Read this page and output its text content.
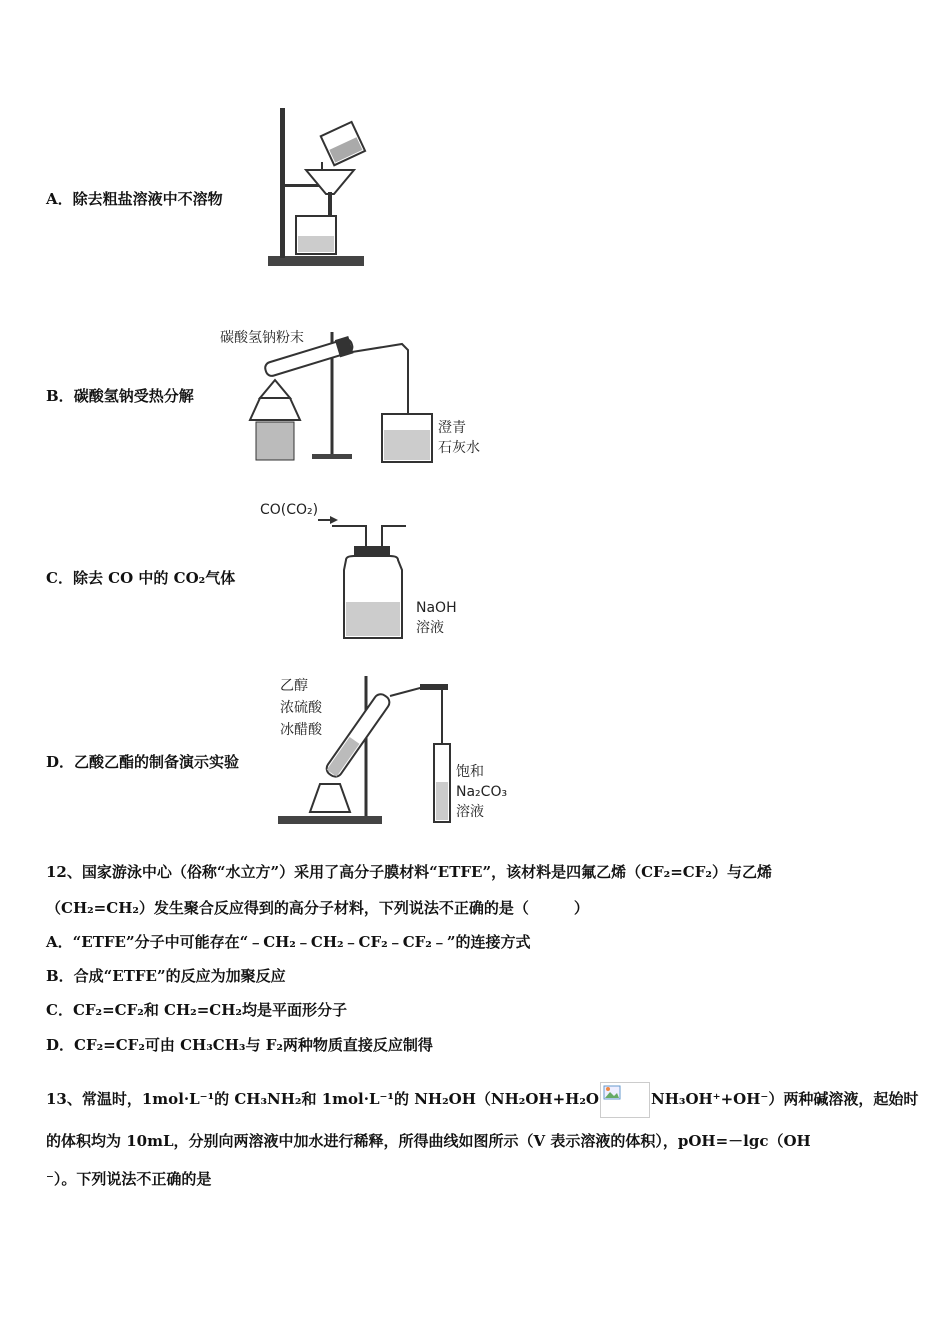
A．除去粗盐溶液中不溶物
B．碳酸氢钠受热分解
碳酸氢钠粉末
澄青
石灰水
C．除去 CO 中的 CO₂气体
CO(CO₂)
NaOH
溶液
D．乙酸乙酯的制备演示实验
乙醇
浓硫酸
冰醋酸
饱和
Na₂CO₃
溶液
12、国家游泳中心（俗称“水立方”）采用了高分子膜材料“ETFE”，该材料是四氟乙烯（CF₂=CF₂）与乙烯
（CH₂=CH₂）发生聚合反应得到的高分子材料，下列说法不正确的是（　　　）
A．“ETFE”分子中可能存在“﹣CH₂﹣CH₂﹣CF₂﹣CF₂﹣”的连接方式
B．合成“ETFE”的反应为加聚反应
C．CF₂=CF₂和 CH₂=CH₂均是平面形分子
D．CF₂=CF₂可由 CH₃CH₃与 F₂两种物质直接反应制得
13、常温时，1mol·L⁻¹的 CH₃NH₂和 1mol·L⁻¹的 NH₂OH（NH₂OH+H₂O	NH₃OH⁺+OH⁻）两种碱溶液，起始时
的体积均为 10mL，分别向两溶液中加水进行稀释，所得曲线如图所示（V 表示溶液的体积），pOH=－lgc（OH
⁻）。下列说法不正确的是
